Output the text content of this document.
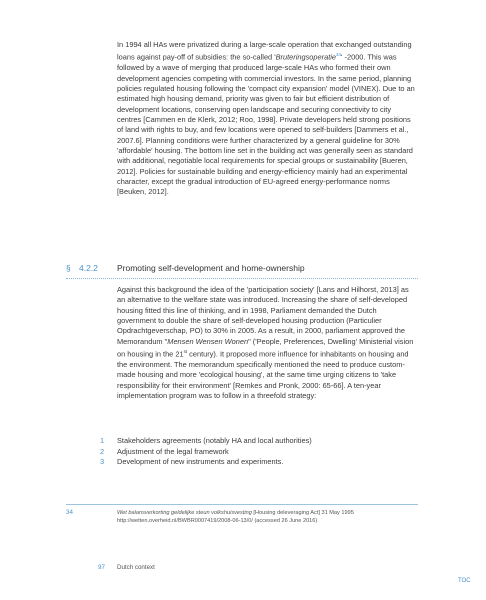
In 1994 all HAs were privatized during a large-scale operation that exchanged outstanding loans against pay-off of subsidies: the so-called 'Bruteringsoperatie$^{34}$' -2000. This was followed by a wave of merging that produced large-scale HAs who formed their own development agencies competing with commercial investors. In the same period, planning policies regulated housing following the 'compact city expansion' model (VINEX). Due to an estimated high housing demand, priority was given to fair but efficient distribution of development locations, conserving open landscape and securing connectivity to city centres [Cammen en de Klerk, 2012; Roo, 1998]. Private developers held strong positions of land with rights to buy, and few locations were opened to self-builders [Dammers et al., 2007.6]. Planning conditions were further characterized by a general guideline for 30% 'affordable' housing. The bottom line set in the building act was generally seen as standard with additional, negotiable local requirements for special groups or sustainability [Bueren, 2012]. Policies for sustainable building and energy-efficiency mainly had an experimental character, except the gradual introduction of EU-agreed energy-performance norms [Beuken, 2012].

§ 4.2.2 Promoting self-development and home-ownership

Against this background the idea of the 'participation society' [Lans and Hilhorst, 2013] as an alternative to the welfare state was introduced. Increasing the share of self-developed housing fitted this line of thinking, and in 1998, Parliament demanded the Dutch government to double the share of self-developed housing production (Particulier Opdrachtgeverschap, PO) to 30% in 2005. As a result, in 2000, parliament approved the Memorandum "Mensen Wensen Wonen" ('People, Preferences, Dwelling' Ministerial vision on housing in the 21st century). It proposed more influence for inhabitants on housing and the environment. The memorandum specifically mentioned the need to produce custom-made housing and more 'ecological housing', at the same time urging citizens to 'take responsibility for their environment' [Remkes and Pronk, 2000: 65-66]. A ten-year implementation program was to follow in a threefold strategy:

1 Stakeholders agreements (notably HA and local authorities)
2 Adjustment of the legal framework
3 Development of new instruments and experiments.
34	Wet balansverkorting geldelijke steun volkshuisvesting [Housing deleveraging Act] 31 May 1995 http://wetten.overheid.nl/BWBR0007419/2008-06-13/0/ (accessed 26 June 2016)
97 Dutch context
TOC
